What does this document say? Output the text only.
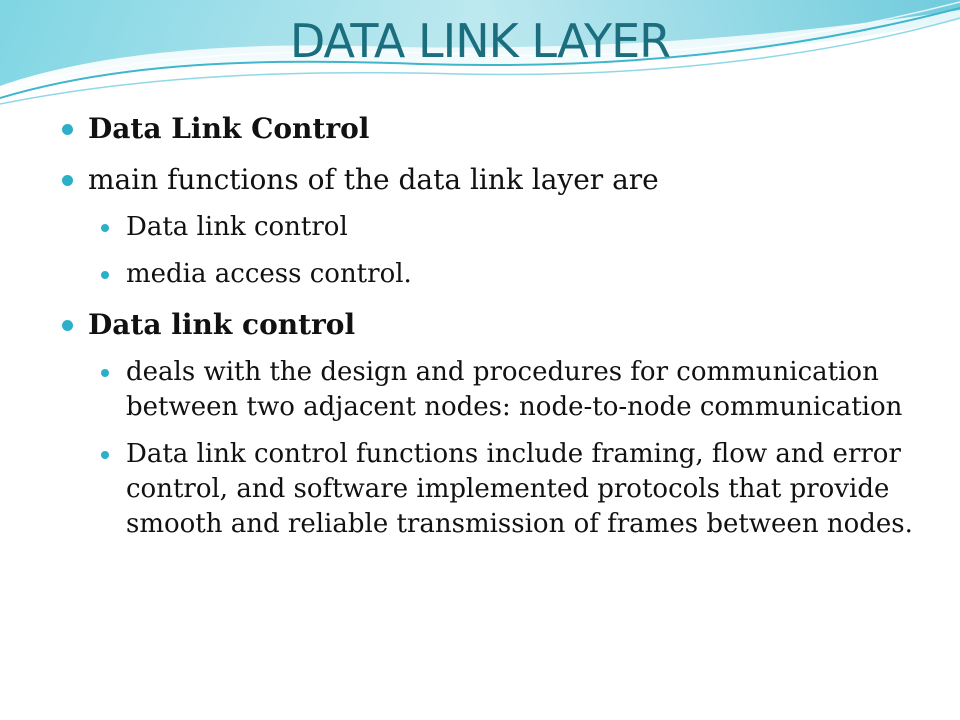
DATA LINK LAYER
Data Link Control
main functions of the data link layer are
Data link control
media access control.
Data link control
deals with the design and procedures for communication between two adjacent nodes: node-to-node communication
Data link control functions include framing, flow and error control, and software implemented protocols that provide smooth and reliable transmission of frames between nodes.
